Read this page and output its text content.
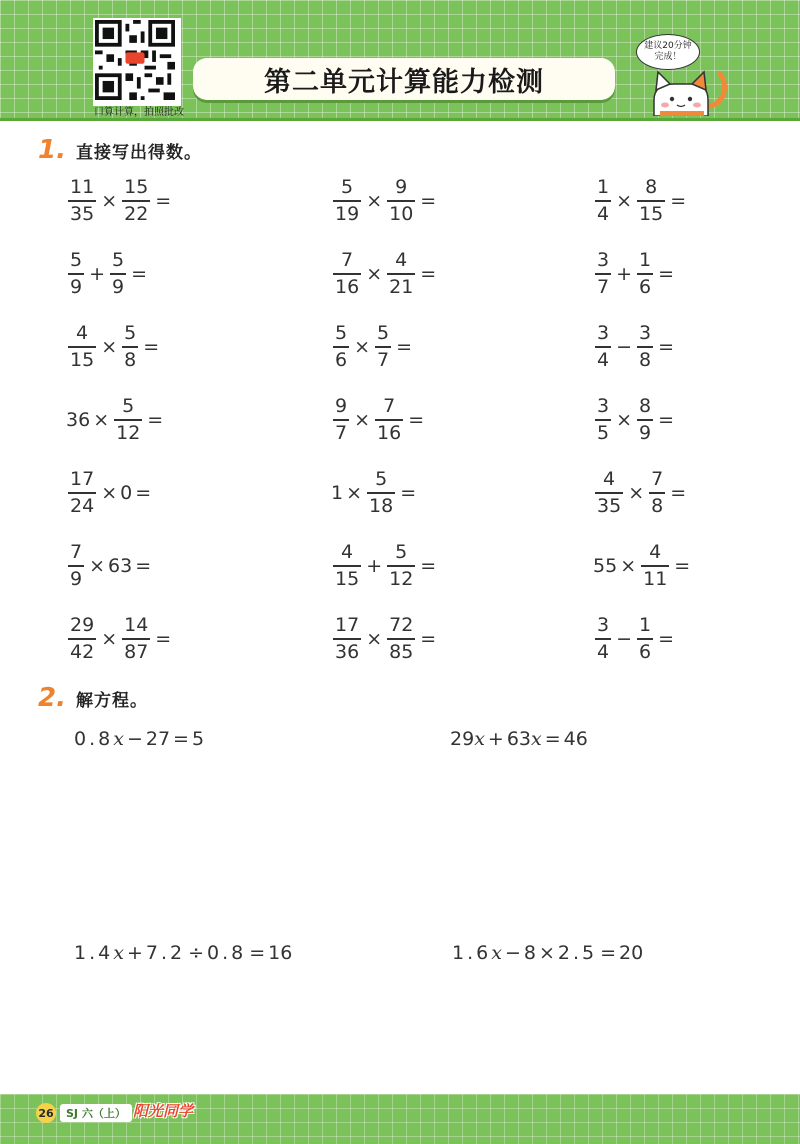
口算计算，拍照批改
第二单元计算能力检测
建议20分钟
完成！
1. 直接写出得数。
$\frac{11}{35} \times \frac{15}{22}$ =	$\frac{5}{19} \times \frac{9}{10}$ =	$\frac{1}{4} \times \frac{8}{15}$ =
$\frac{5}{9} + \frac{5}{9}$ =	$\frac{7}{16} \times \frac{4}{21}$ =	$\frac{3}{7} + \frac{1}{6}$ =
$\frac{4}{15} \times \frac{5}{8}$ =	$\frac{5}{6} \times \frac{5}{7}$ =	$\frac{3}{4} - \frac{3}{8}$ =
$36 \times \frac{5}{12}$ =	$\frac{9}{7} \times \frac{7}{16}$ =	$\frac{3}{5} \times \frac{8}{9}$ =
$\frac{17}{24} \times 0$ =	$1 \times \frac{5}{18}$ =	$\frac{4}{35} \times \frac{7}{8}$ =
$\frac{7}{9} \times 63$ =	$\frac{4}{15} + \frac{5}{12}$ =	$55 \times \frac{4}{11}$ =
$\frac{29}{42} \times \frac{14}{87}$ =	$\frac{17}{36} \times \frac{72}{85}$ =	$\frac{3}{4} - \frac{1}{6}$ =
2. 解方程。
0.8 x − 27 = 5	29 x + 63 x = 46
1.4 x + 7.2 ÷ 0.8 = 16	1.6 x − 8 × 2.5 = 20
26	SJ 六（上） 阳光同学
